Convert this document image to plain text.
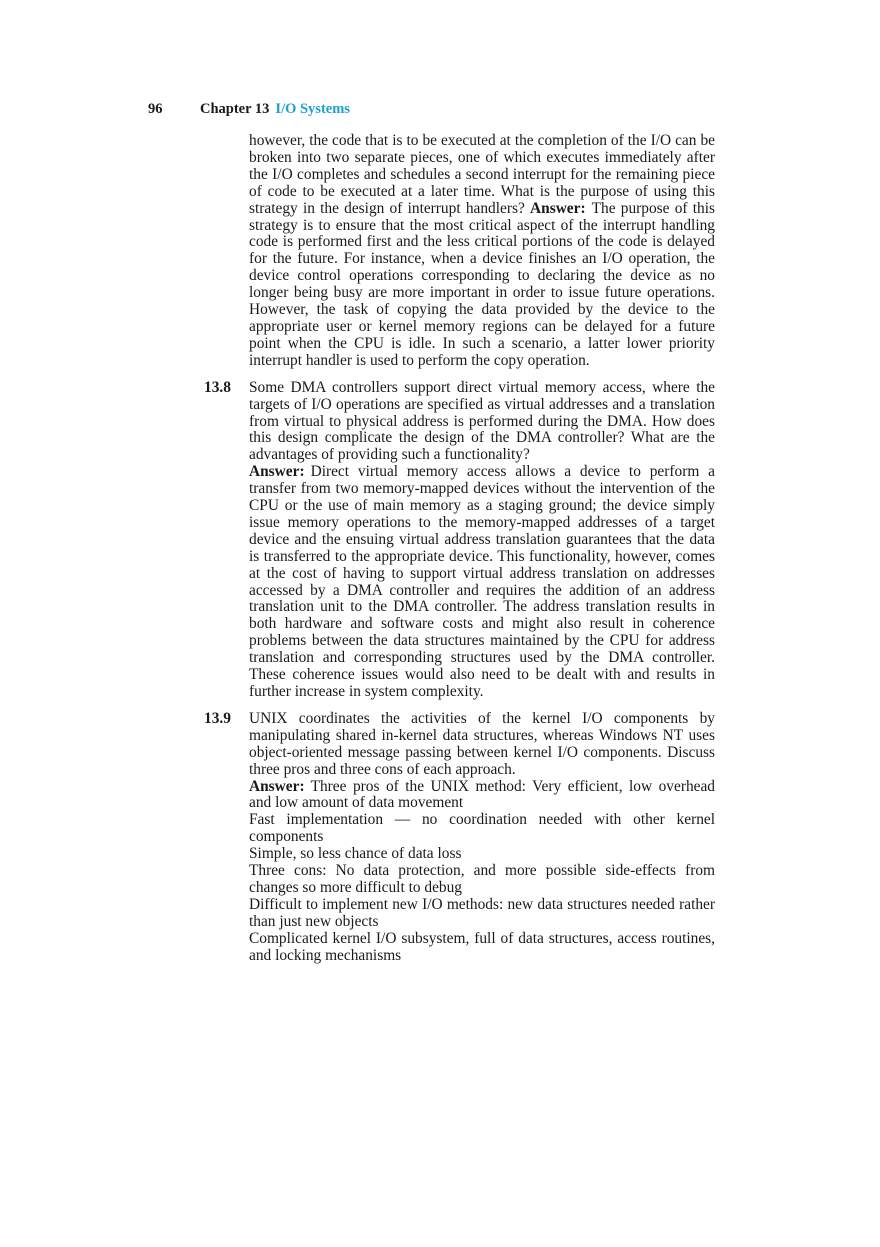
96	Chapter 13 I/O Systems
however, the code that is to be executed at the completion of the I/O can be broken into two separate pieces, one of which executes immediately after the I/O completes and schedules a second interrupt for the remaining piece of code to be executed at a later time. What is the purpose of using this strategy in the design of interrupt handlers? Answer: The purpose of this strategy is to ensure that the most critical aspect of the interrupt handling code is performed first and the less critical portions of the code is delayed for the future. For instance, when a device finishes an I/O operation, the device control operations corresponding to declaring the device as no longer being busy are more important in order to issue future operations. However, the task of copying the data provided by the device to the appropriate user or kernel memory regions can be delayed for a future point when the CPU is idle. In such a scenario, a latter lower priority interrupt handler is used to perform the copy operation.
13.8 Some DMA controllers support direct virtual memory access, where the targets of I/O operations are specified as virtual addresses and a translation from virtual to physical address is performed during the DMA. How does this design complicate the design of the DMA controller? What are the advantages of providing such a functionality?
Answer: Direct virtual memory access allows a device to perform a transfer from two memory-mapped devices without the intervention of the CPU or the use of main memory as a staging ground; the device simply issue memory operations to the memory-mapped addresses of a target device and the ensuing virtual address translation guarantees that the data is transferred to the appropriate device. This functionality, however, comes at the cost of having to support virtual address translation on addresses accessed by a DMA controller and requires the addition of an address translation unit to the DMA controller. The address translation results in both hardware and software costs and might also result in coherence problems between the data structures maintained by the CPU for address translation and corresponding structures used by the DMA controller. These coherence issues would also need to be dealt with and results in further increase in system complexity.
13.9 UNIX coordinates the activities of the kernel I/O components by manipulating shared in-kernel data structures, whereas Windows NT uses object-oriented message passing between kernel I/O components. Discuss three pros and three cons of each approach.
Answer: Three pros of the UNIX method: Very efficient, low overhead and low amount of data movement
Fast implementation — no coordination needed with other kernel components
Simple, so less chance of data loss
Three cons: No data protection, and more possible side-effects from changes so more difficult to debug
Difficult to implement new I/O methods: new data structures needed rather than just new objects
Complicated kernel I/O subsystem, full of data structures, access routines, and locking mechanisms
